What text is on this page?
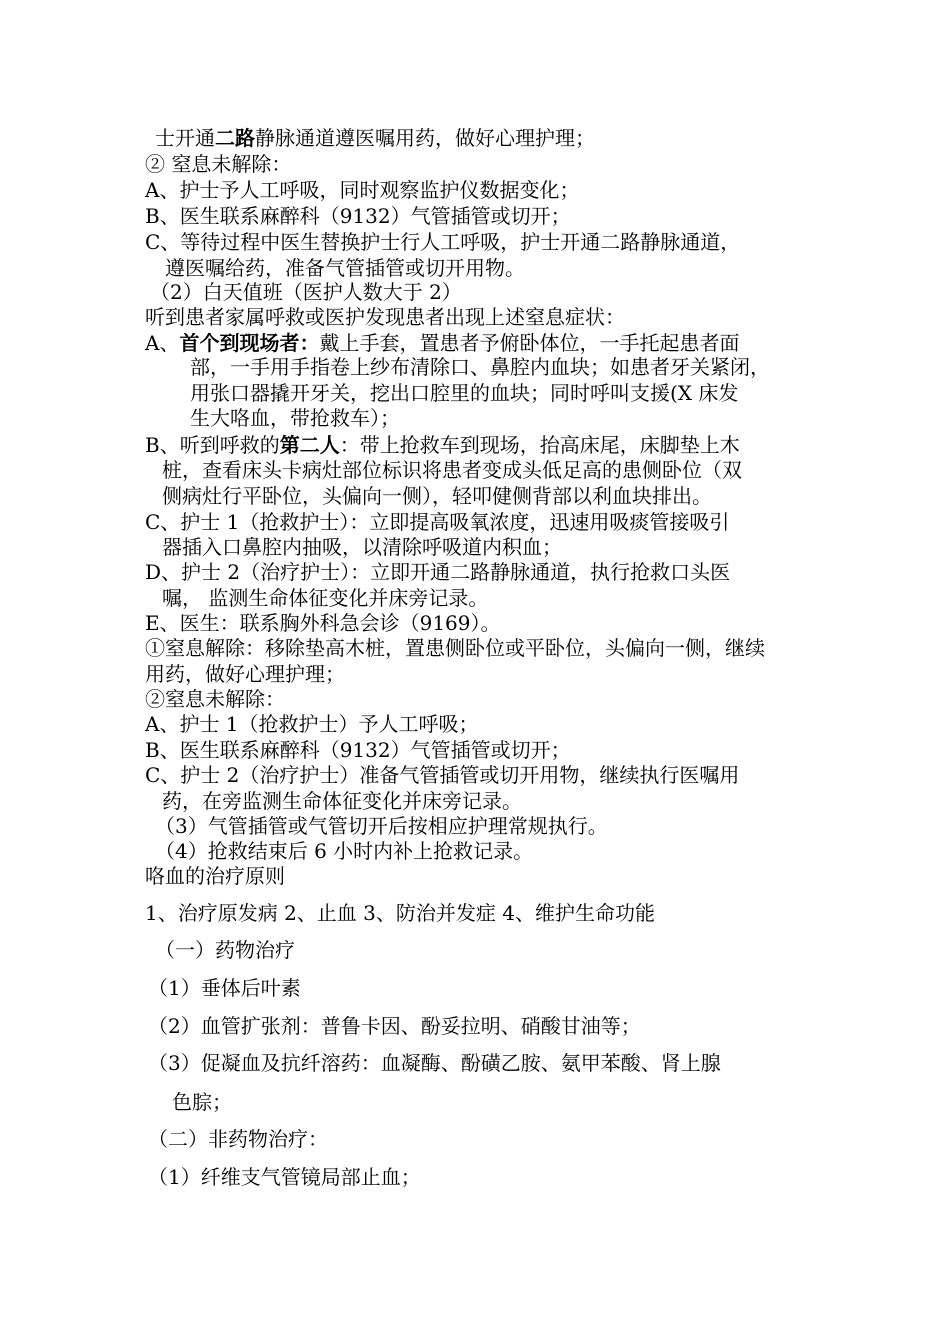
士开通二路静脉通道遵医嘱用药，做好心理护理；
② 窒息未解除：
A、护士予人工呼吸，同时观察监护仪数据变化；
B、医生联系麻醉科（9132）气管插管或切开；
C、等待过程中医生替换护士行人工呼吸，护士开通二路静脉通道，
遵医嘱给药，准备气管插管或切开用物。
（2）白天值班（医护人数大于 2）
听到患者家属呼救或医护发现患者出现上述窒息症状：
A、首个到现场者：戴上手套，置患者予俯卧体位，一手托起患者面
部，一手用手指卷上纱布清除口、鼻腔内血块；如患者牙关紧闭，
用张口器撬开牙关，挖出口腔里的血块；同时呼叫支援(X 床发
生大咯血，带抢救车）；
B、听到呼救的第二人：带上抢救车到现场，抬高床尾，床脚垫上木
桩，查看床头卡病灶部位标识将患者变成头低足高的患侧卧位（双
侧病灶行平卧位，头偏向一侧），轻叩健侧背部以利血块排出。
C、护士 1（抢救护士）：立即提高吸氧浓度，迅速用吸痰管接吸引
器插入口鼻腔内抽吸，以清除呼吸道内积血；
D、护士 2（治疗护士）：立即开通二路静脉通道，执行抢救口头医
嘱， 监测生命体征变化并床旁记录。
E、医生：联系胸外科急会诊（9169）。
①窒息解除：移除垫高木桩，置患侧卧位或平卧位，头偏向一侧，继续
用药，做好心理护理；
②窒息未解除：
A、护士 1（抢救护士）予人工呼吸；
B、医生联系麻醉科（9132）气管插管或切开；
C、护士 2（治疗护士）准备气管插管或切开用物，继续执行医嘱用
药，在旁监测生命体征变化并床旁记录。
（3）气管插管或气管切开后按相应护理常规执行。
（4）抢救结束后 6 小时内补上抢救记录。
咯血的治疗原则
1、治疗原发病 2、止血 3、防治并发症 4、维护生命功能
（一）药物治疗
（1）垂体后叶素
（2）血管扩张剂：普鲁卡因、酚妥拉明、硝酸甘油等；
（3）促凝血及抗纤溶药：血凝酶、酚磺乙胺、氨甲苯酸、肾上腺
色腙；
（二）非药物治疗：
（1）纤维支气管镜局部止血；
